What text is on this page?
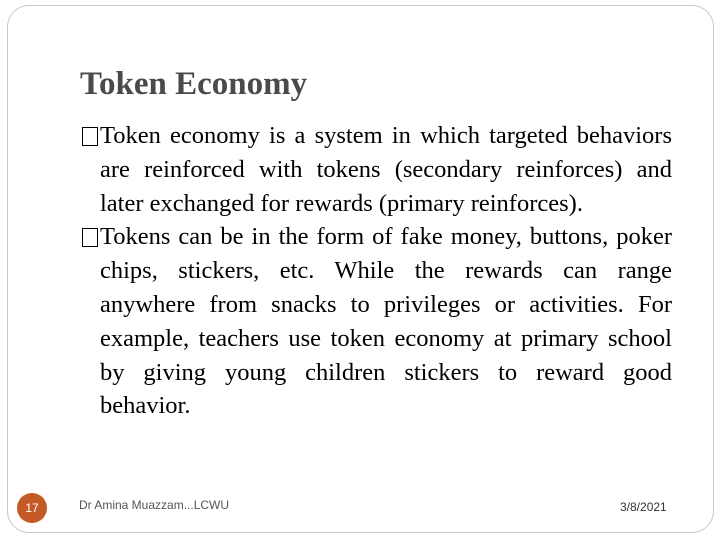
Token Economy
Token economy is a system in which targeted behaviors are reinforced with tokens (secondary reinforces) and later exchanged for rewards (primary reinforces).
Tokens can be in the form of fake money, buttons, poker chips, stickers, etc. While the rewards can range anywhere from snacks to privileges or activities. For example, teachers use token economy at primary school by giving young children stickers to reward good behavior.
17	Dr Amina Muazzam...LCWU	3/8/2021
